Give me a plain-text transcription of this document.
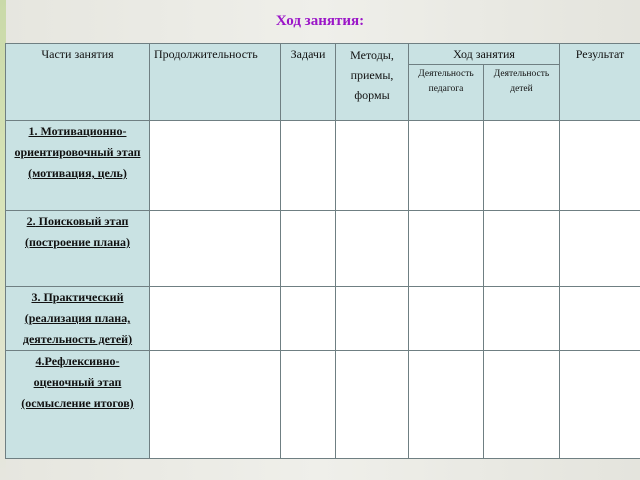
Ход занятия:
Части занятия	Продолжительность	Задачи	Методы, приемы, формы	Ход занятия		Результат
				Деятельность педагога	Деятельность детей	
1. Мотивационно-ориентировочный этап (мотивация, цель)						
2. Поисковый этап (построение плана)						
3. Практический (реализация плана, деятельность детей)						
4.Рефлексивно-оценочный этап (осмысление итогов)						
